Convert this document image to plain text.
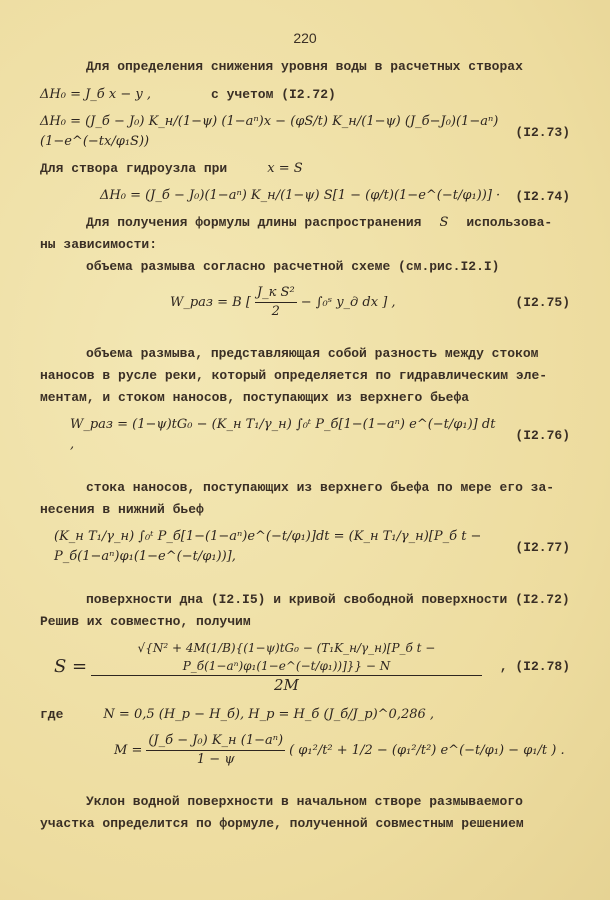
220
Для определения снижения уровня воды в расчетных створах
ΔH₀ = J_б x − y ,	с учетом (I2.72)
ΔH₀ = (J_б − J₀) K_н/(1−ψ) (1−aⁿ)x − (φS/t) K_н/(1−ψ) (J_б−J₀)(1−aⁿ)(1−e^(−tx/φ₁S))
(I2.73)
Для створа гидроузла при	x = S
ΔH₀ = (J_б − J₀)(1−aⁿ) K_н/(1−ψ) S[1 − (φ/t)(1−e^(−t/φ₁))] · (I2.74)
Для получения формулы длины распространения S использова-
ны зависимости:
объема размыва согласно расчетной схеме (см.рис.I2.I)
W_раз = B [ $\frac{\text{J\_к S²}}{2}$ − ∫₀ˢ y_д dx ] ,	(I2.75)
объема размыва, представляющая собой разность между стоком
наносов в русле реки, который определяется по гидравлическим эле-
ментам, и стоком наносов, поступающих из верхнего бьефа
W_раз = (1−ψ)tG₀ − (K_н T₁/γ_н) ∫₀ᵗ P_б[1−(1−aⁿ) e^(−t/φ₁)] dt ,
(I2.76)
стока наносов, поступающих из верхнего бьефа по мере его за-
несения в нижний бьеф
(K_н T₁/γ_н) ∫₀ᵗ P_б[1−(1−aⁿ)e^(−t/φ₁)]dt = (K_н T₁/γ_н)[P_б t − P_б(1−aⁿ)φ₁(1−e^(−t/φ₁))],
(I2.77)
поверхности дна (I2.I5) и кривой свободной поверхности (I2.72)
Решив их совместно, получим
S =
√{N² + 4M(1/B){(1−ψ)tG₀ − (T₁K_н/γ_н)[P_б t − P_б(1−aⁿ)φ₁(1−e^(−t/φ₁))]}} − N
2M
, (I2.78)
где	N = 0,5 (H_р − H_б), H_р = H_б (J_б/J_р)^0,286 ,
$M = \frac{\text{(J\_б − J₀) K\_н (1−aⁿ)}}{1 - \psi}$ ( φ₁²/t² + 1/2 − (φ₁²/t²) e^(−t/φ₁) − φ₁/t ) .
Уклон водной поверхности в начальном створе размываемого
участка определится по формуле, полученной совместным решением
